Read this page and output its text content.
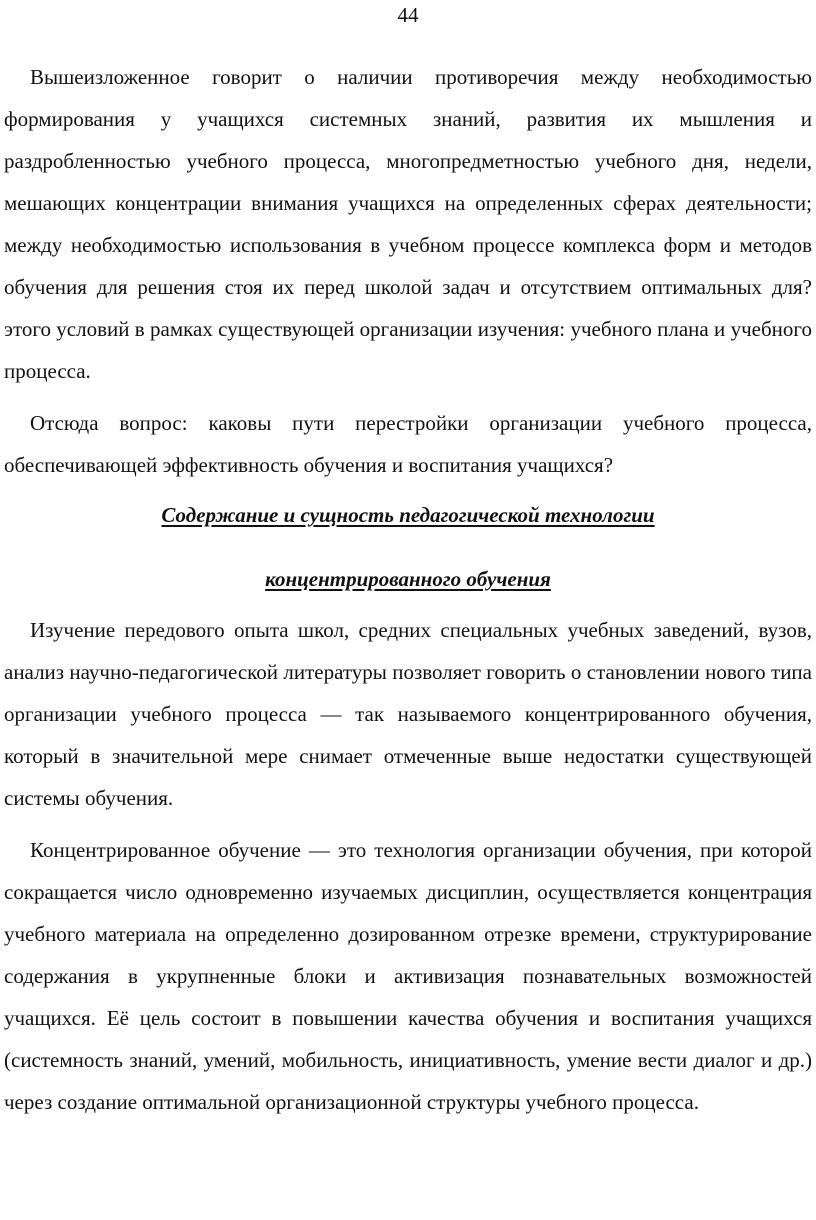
44

Вышеизложенное говорит о наличии противоречия между необходимостью формирования у учащихся системных знаний, развития их мышления и раздробленностью учебного процесса, многопредметностью учебного дня, недели, мешающих концентрации внимания учащихся на определенных сферах деятельности; между необходимостью использования в учебном процессе комплекса форм и методов обучения для решения стоя их перед школой задач и отсутствием оптимальных для? этого условий в рамках существующей организации изучения: учебного плана и учебного процесса.

Отсюда вопрос: каковы пути перестройки организации учебного процесса, обеспечивающей эффективность обучения и воспитания учащихся?

Содержание и сущность педагогической технологии

концентрированного обучения

Изучение передового опыта школ, средних специальных учебных заведений, вузов, анализ научно-педагогической литературы позволяет говорить о становлении нового типа организации учебного процесса — так называемого концентрированного обучения, который в значительной мере снимает отмеченные выше недостатки существующей системы обучения.

Концентрированное обучение — это технология организации обучения, при которой сокращается число одновременно изучаемых дисциплин, осуществляется концентрация учебного материала на определенно дозированном отрезке времени, структурирование содержания в укрупненные блоки и активизация познавательных возможностей учащихся. Её цель состоит в повышении качества обучения и воспитания учащихся (системность знаний, умений, мобильность, инициативность, умение вести диалог и др.) через создание оптимальной организационной структуры учебного процесса.
